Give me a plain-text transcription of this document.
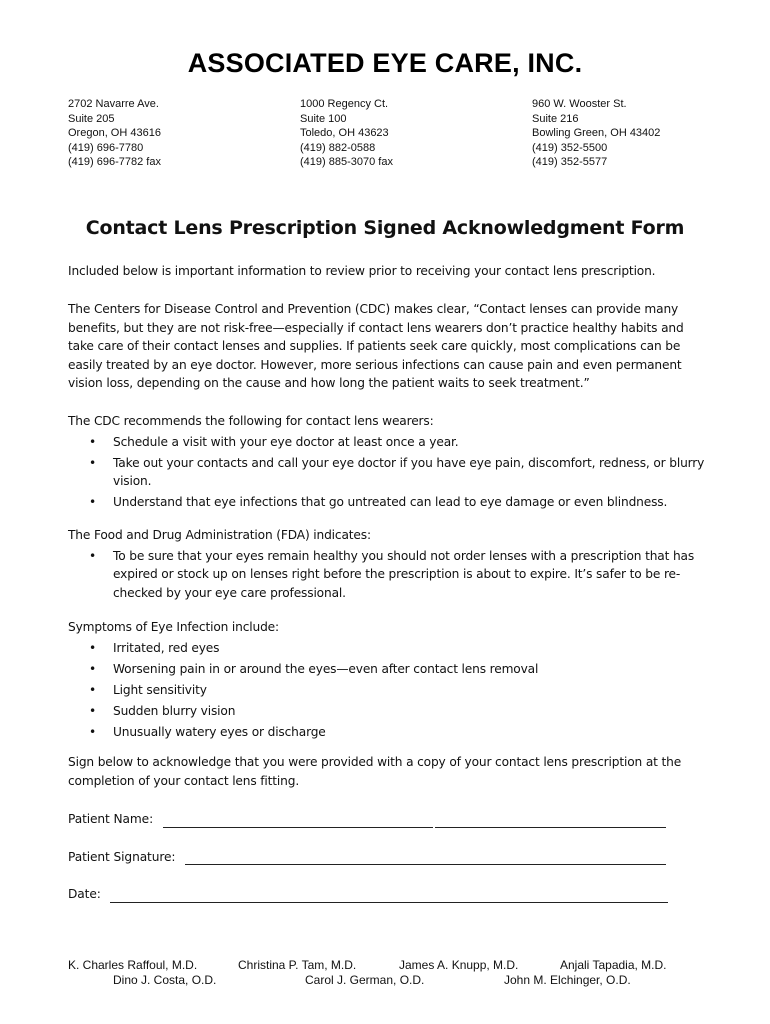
ASSOCIATED EYE CARE, INC.
2702 Navarre Ave.
Suite 205
Oregon, OH 43616
(419) 696-7780
(419) 696-7782 fax
1000 Regency Ct.
Suite 100
Toledo, OH 43623
(419) 882-0588
(419) 885-3070 fax
960 W. Wooster St.
Suite 216
Bowling Green, OH 43402
(419) 352-5500
(419) 352-5577
Contact Lens Prescription Signed Acknowledgment Form
Included below is important information to review prior to receiving your contact lens prescription.
The Centers for Disease Control and Prevention (CDC) makes clear, “Contact lenses can provide many benefits, but they are not risk-free—especially if contact lens wearers don’t practice healthy habits and take care of their contact lenses and supplies. If patients seek care quickly, most complications can be easily treated by an eye doctor. However, more serious infections can cause pain and even permanent vision loss, depending on the cause and how long the patient waits to seek treatment.”
The CDC recommends the following for contact lens wearers:
• Schedule a visit with your eye doctor at least once a year.
• Take out your contacts and call your eye doctor if you have eye pain, discomfort, redness, or blurry vision.
• Understand that eye infections that go untreated can lead to eye damage or even blindness.
The Food and Drug Administration (FDA) indicates:
• To be sure that your eyes remain healthy you should not order lenses with a prescription that has expired or stock up on lenses right before the prescription is about to expire. It’s safer to be re-checked by your eye care professional.
Symptoms of Eye Infection include:
• Irritated, red eyes
• Worsening pain in or around the eyes—even after contact lens removal
• Light sensitivity
• Sudden blurry vision
• Unusually watery eyes or discharge
Sign below to acknowledge that you were provided with a copy of your contact lens prescription at the completion of your contact lens fitting.
Patient Name:
Patient Signature:
Date:
K. Charles Raffoul, M.D.	Christina P. Tam, M.D.	James A. Knupp, M.D.	Anjali Tapadia, M.D.
Dino J. Costa, O.D.	Carol J. German, O.D.	John M. Elchinger, O.D.
